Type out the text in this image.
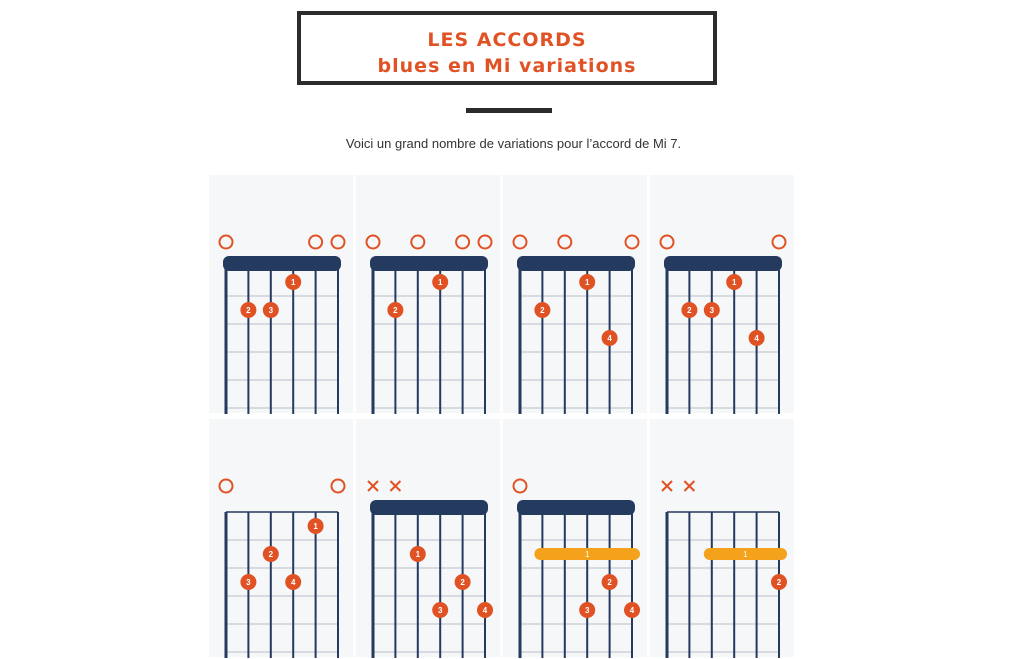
LES ACCORDS
blues en Mi variations
Voici un grand nombre de variations pour l’accord de Mi 7.
1
2 3
1
2
1
2
4
1
2 3
4
1
2
3	4
1
2
3	4
1
2
3	4
1
2
